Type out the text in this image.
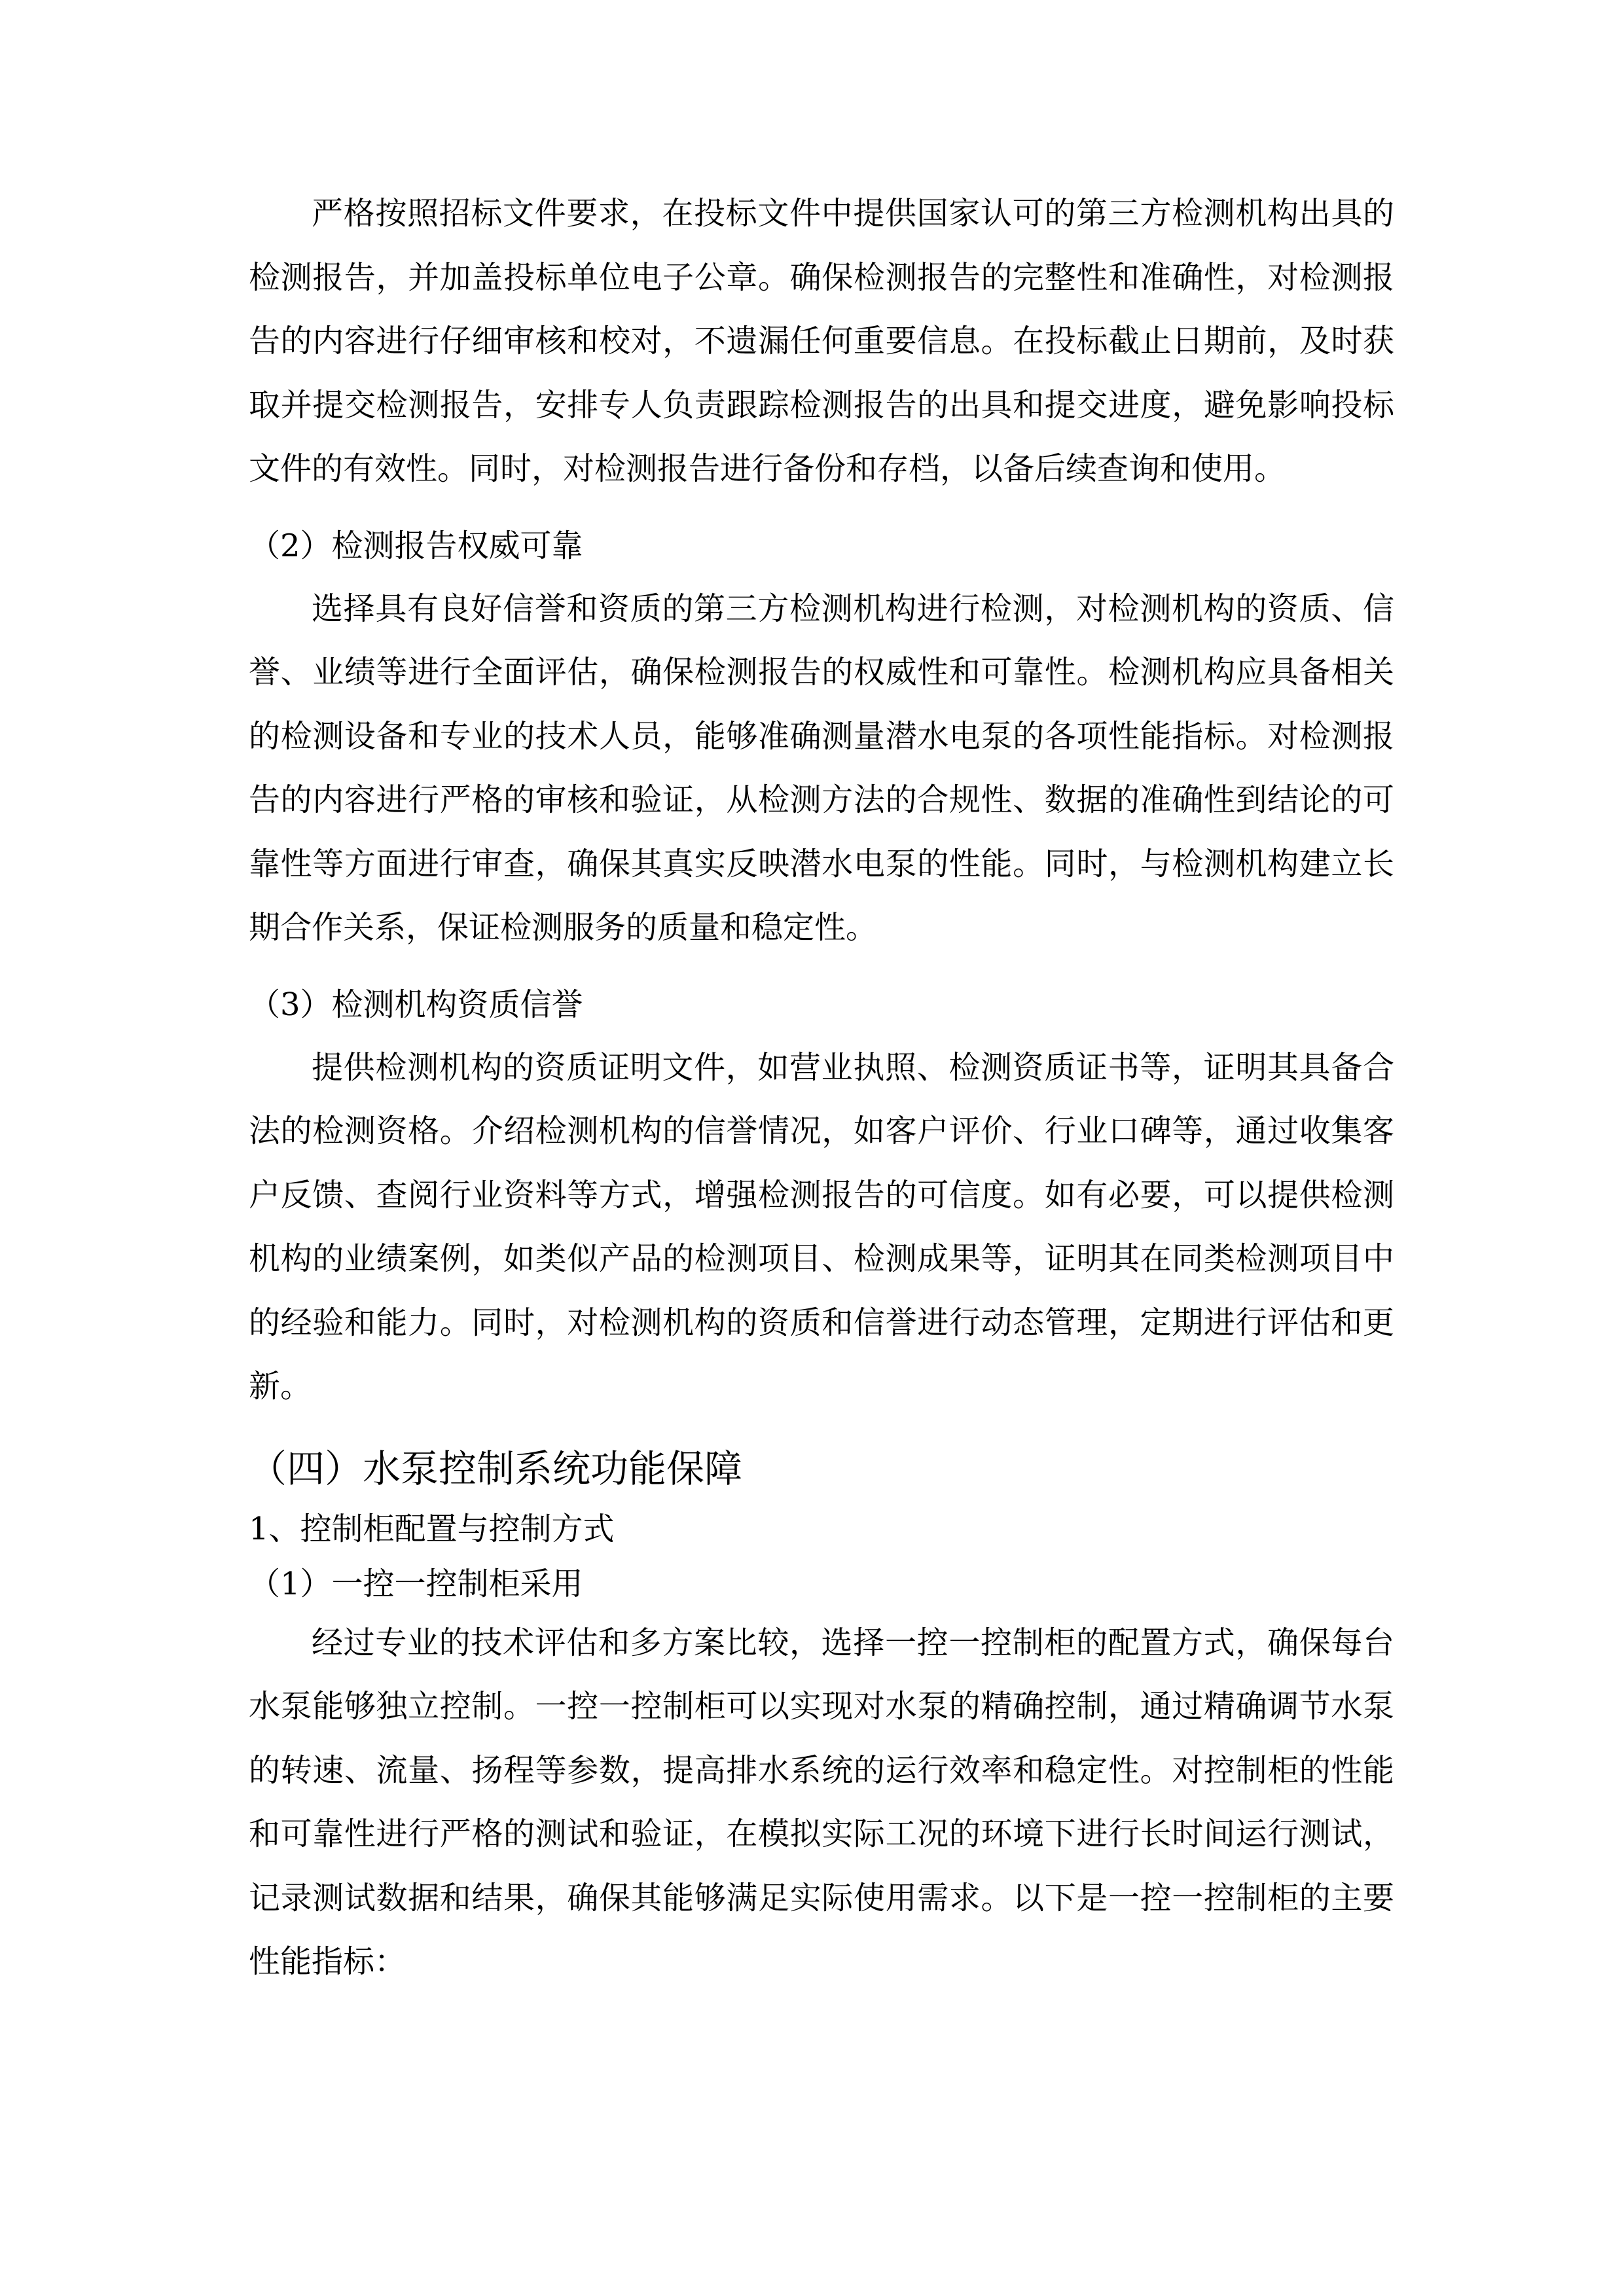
严格按照招标文件要求，在投标文件中提供国家认可的第三方检测机构出具的检测报告，并加盖投标单位电子公章。确保检测报告的完整性和准确性，对检测报告的内容进行仔细审核和校对，不遗漏任何重要信息。在投标截止日期前，及时获取并提交检测报告，安排专人负责跟踪检测报告的出具和提交进度，避免影响投标文件的有效性。同时，对检测报告进行备份和存档，以备后续查询和使用。

（2）检测报告权威可靠

选择具有良好信誉和资质的第三方检测机构进行检测，对检测机构的资质、信誉、业绩等进行全面评估，确保检测报告的权威性和可靠性。检测机构应具备相关的检测设备和专业的技术人员，能够准确测量潜水电泵的各项性能指标。对检测报告的内容进行严格的审核和验证，从检测方法的合规性、数据的准确性到结论的可靠性等方面进行审查，确保其真实反映潜水电泵的性能。同时，与检测机构建立长期合作关系，保证检测服务的质量和稳定性。

（3）检测机构资质信誉

提供检测机构的资质证明文件，如营业执照、检测资质证书等，证明其具备合法的检测资格。介绍检测机构的信誉情况，如客户评价、行业口碑等，通过收集客户反馈、查阅行业资料等方式，增强检测报告的可信度。如有必要，可以提供检测机构的业绩案例，如类似产品的检测项目、检测成果等，证明其在同类检测项目中的经验和能力。同时，对检测机构的资质和信誉进行动态管理，定期进行评估和更新。

（四）水泵控制系统功能保障

1、控制柜配置与控制方式

（1）一控一控制柜采用

经过专业的技术评估和多方案比较，选择一控一控制柜的配置方式，确保每台水泵能够独立控制。一控一控制柜可以实现对水泵的精确控制，通过精确调节水泵的转速、流量、扬程等参数，提高排水系统的运行效率和稳定性。对控制柜的性能和可靠性进行严格的测试和验证，在模拟实际工况的环境下进行长时间运行测试，记录测试数据和结果，确保其能够满足实际使用需求。以下是一控一控制柜的主要性能指标：
